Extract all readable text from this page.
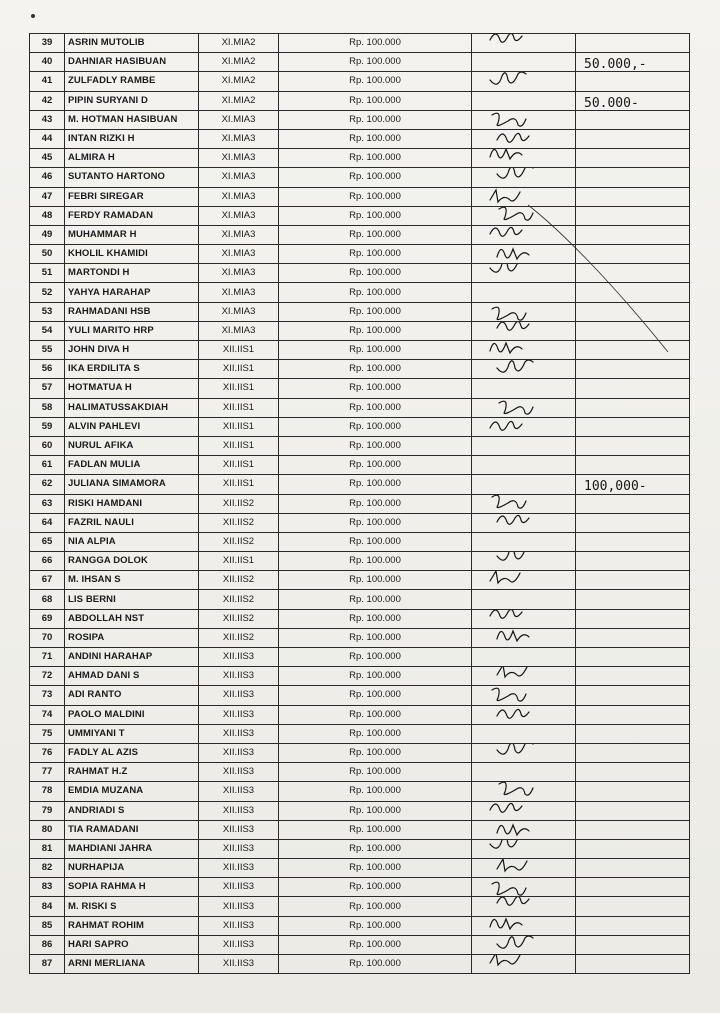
39	ASRIN MUTOLIB	XI.MIA2	Rp. 100.000	

40	DAHNIAR HASIBUAN	XI.MIA2	Rp. 100.000		50.000,-

41	ZULFADLY RAMBE	XI.MIA2	Rp. 100.000	

42	PIPIN SURYANI D	XI.MIA2	Rp. 100.000		50.000-

43	M. HOTMAN HASIBUAN	XI.MIA3	Rp. 100.000	

44	INTAN RIZKI H	XI.MIA3	Rp. 100.000	

45	ALMIRA H	XI.MIA3	Rp. 100.000	

46	SUTANTO HARTONO	XI.MIA3	Rp. 100.000	

47	FEBRI SIREGAR	XI.MIA3	Rp. 100.000	

48	FERDY RAMADAN	XI.MIA3	Rp. 100.000	

49	MUHAMMAR H	XI.MIA3	Rp. 100.000	

50	KHOLIL KHAMIDI	XI.MIA3	Rp. 100.000	

51	MARTONDI H	XI.MIA3	Rp. 100.000	

52	YAHYA HARAHAP	XI.MIA3	Rp. 100.000		
53	RAHMADANI HSB	XI.MIA3	Rp. 100.000	

54	YULI MARITO HRP	XI.MIA3	Rp. 100.000	

55	JOHN DIVA H	XII.IIS1	Rp. 100.000	

56	IKA ERDILITA S	XII.IIS1	Rp. 100.000	

57	HOTMATUA H	XII.IIS1	Rp. 100.000		
58	HALIMATUSSAKDIAH	XII.IIS1	Rp. 100.000	

59	ALVIN PAHLEVI	XII.IIS1	Rp. 100.000	

60	NURUL AFIKA	XII.IIS1	Rp. 100.000		
61	FADLAN MULIA	XII.IIS1	Rp. 100.000		
62	JULIANA SIMAMORA	XII.IIS1	Rp. 100.000		100,000-

63	RISKI HAMDANI	XII.IIS2	Rp. 100.000	

64	FAZRIL NAULI	XII.IIS2	Rp. 100.000	

65	NIA ALPIA	XII.IIS2	Rp. 100.000		
66	RANGGA DOLOK	XII.IIS1	Rp. 100.000	

67	M. IHSAN S	XII.IIS2	Rp. 100.000	

68	LIS BERNI	XII.IIS2	Rp. 100.000		
69	ABDOLLAH NST	XII.IIS2	Rp. 100.000	

70	ROSIPA	XII.IIS2	Rp. 100.000	

71	ANDINI HARAHAP	XII.IIS3	Rp. 100.000		
72	AHMAD DANI S	XII.IIS3	Rp. 100.000	

73	ADI RANTO	XII.IIS3	Rp. 100.000	

74	PAOLO MALDINI	XII.IIS3	Rp. 100.000	

75	UMMIYANI T	XII.IIS3	Rp. 100.000		
76	FADLY AL AZIS	XII.IIS3	Rp. 100.000	

77	RAHMAT H.Z	XII.IIS3	Rp. 100.000		
78	EMDIA MUZANA	XII.IIS3	Rp. 100.000	

79	ANDRIADI S	XII.IIS3	Rp. 100.000	

80	TIA RAMADANI	XII.IIS3	Rp. 100.000	

81	MAHDIANI JAHRA	XII.IIS3	Rp. 100.000	

82	NURHAPIJA	XII.IIS3	Rp. 100.000	

83	SOPIA RAHMA H	XII.IIS3	Rp. 100.000	

84	M. RISKI S	XII.IIS3	Rp. 100.000	

85	RAHMAT ROHIM	XII.IIS3	Rp. 100.000	

86	HARI SAPRO	XII.IIS3	Rp. 100.000	

87	ARNI MERLIANA	XII.IIS3	Rp. 100.000	
